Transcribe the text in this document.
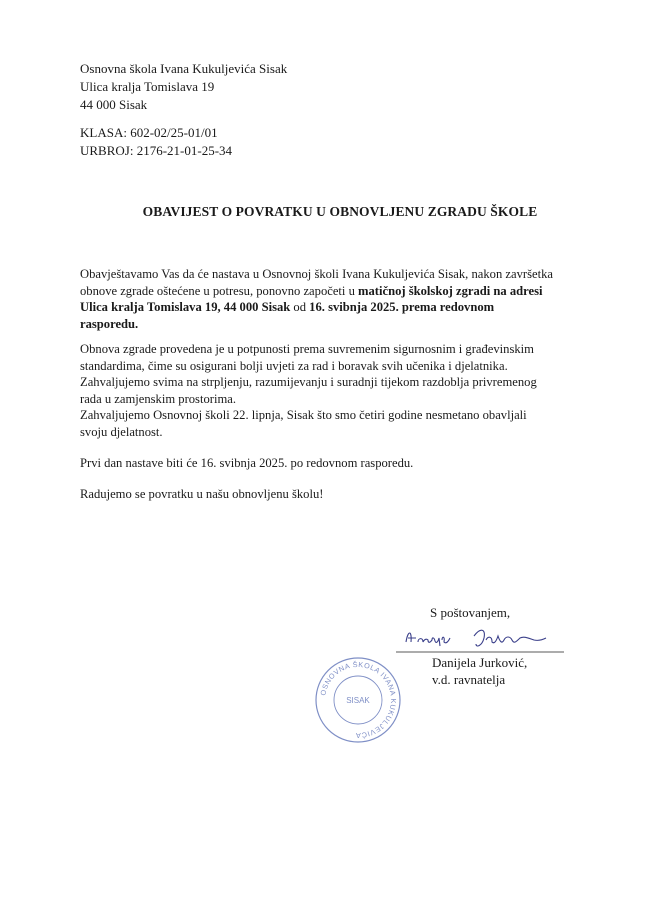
Osnovna škola Ivana Kukuljevića Sisak
Ulica kralja Tomislava 19
44 000 Sisak
KLASA: 602-02/25-01/01
URBROJ: 2176-21-01-25-34
OBAVIJEST O POVRATKU U OBNOVLJENU ZGRADU ŠKOLE
Obavještavamo Vas da će nastava u Osnovnoj školi Ivana Kukuljevića Sisak, nakon završetka
obnove zgrade oštećene u potresu, ponovno započeti u matičnoj školskoj zgradi na adresi
Ulica kralja Tomislava 19, 44 000 Sisak od 16. svibnja 2025. prema redovnom
rasporedu.
Obnova zgrade provedena je u potpunosti prema suvremenim sigurnosnim i građevinskim
standardima, čime su osigurani bolji uvjeti za rad i boravak svih učenika i djelatnika.
Zahvaljujemo svima na strpljenju, razumijevanju i suradnji tijekom razdoblja privremenog
rada u zamjenskim prostorima.
Zahvaljujemo Osnovnoj školi 22. lipnja, Sisak što smo četiri godine nesmetano obavljali
svoju djelatnost.
Prvi dan nastave biti će 16. svibnja 2025. po redovnom rasporedu.
Radujemo se povratku u našu obnovljenu školu!
S poštovanjem,
Danijela Jurković,
v.d. ravnatelja
OSNOVNA ŠKOLA IVANA KUKULJEVIĆA
SISAK
